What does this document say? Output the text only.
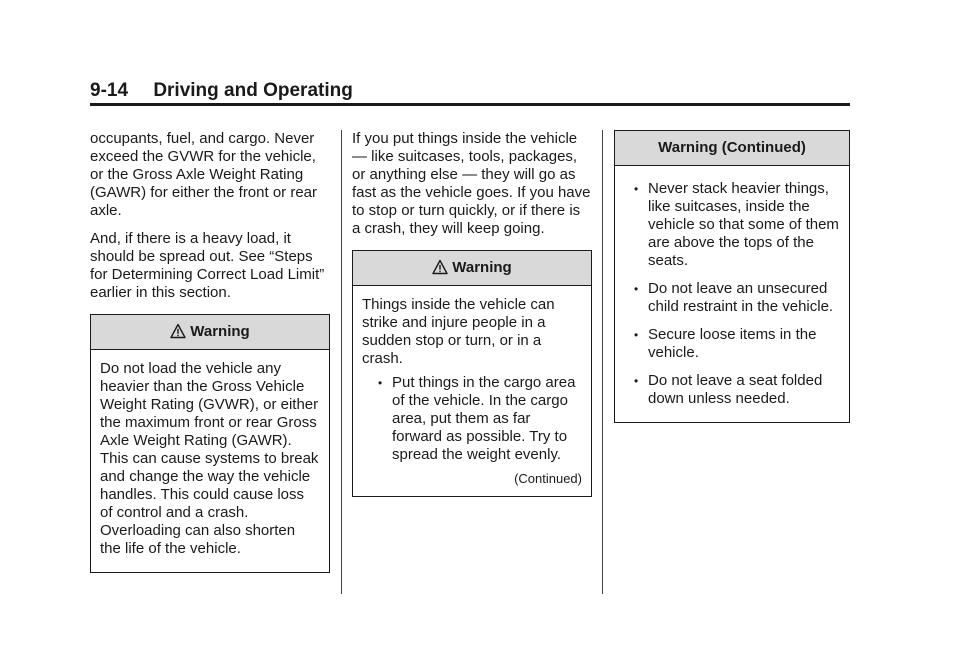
9-14 Driving and Operating

occupants, fuel, and cargo. Never exceed the GVWR for the vehicle, or the Gross Axle Weight Rating (GAWR) for either the front or rear axle.

And, if there is a heavy load, it should be spread out. See “Steps for Determining Correct Load Limit” earlier in this section.

Warning

Do not load the vehicle any heavier than the Gross Vehicle Weight Rating (GVWR), or either the maximum front or rear Gross Axle Weight Rating (GAWR). This can cause systems to break and change the way the vehicle handles. This could cause loss of control and a crash. Overloading can also shorten the life of the vehicle.

If you put things inside the vehicle — like suitcases, tools, packages, or anything else — they will go as fast as the vehicle goes. If you have to stop or turn quickly, or if there is a crash, they will keep going.

Warning

Things inside the vehicle can strike and injure people in a sudden stop or turn, or in a crash.

• Put things in the cargo area of the vehicle. In the cargo area, put them as far forward as possible. Try to spread the weight evenly.
(Continued)
Warning (Continued)
• Never stack heavier things, like suitcases, inside the vehicle so that some of them are above the tops of the seats.
• Do not leave an unsecured child restraint in the vehicle.
• Secure loose items in the vehicle.
• Do not leave a seat folded down unless needed.
